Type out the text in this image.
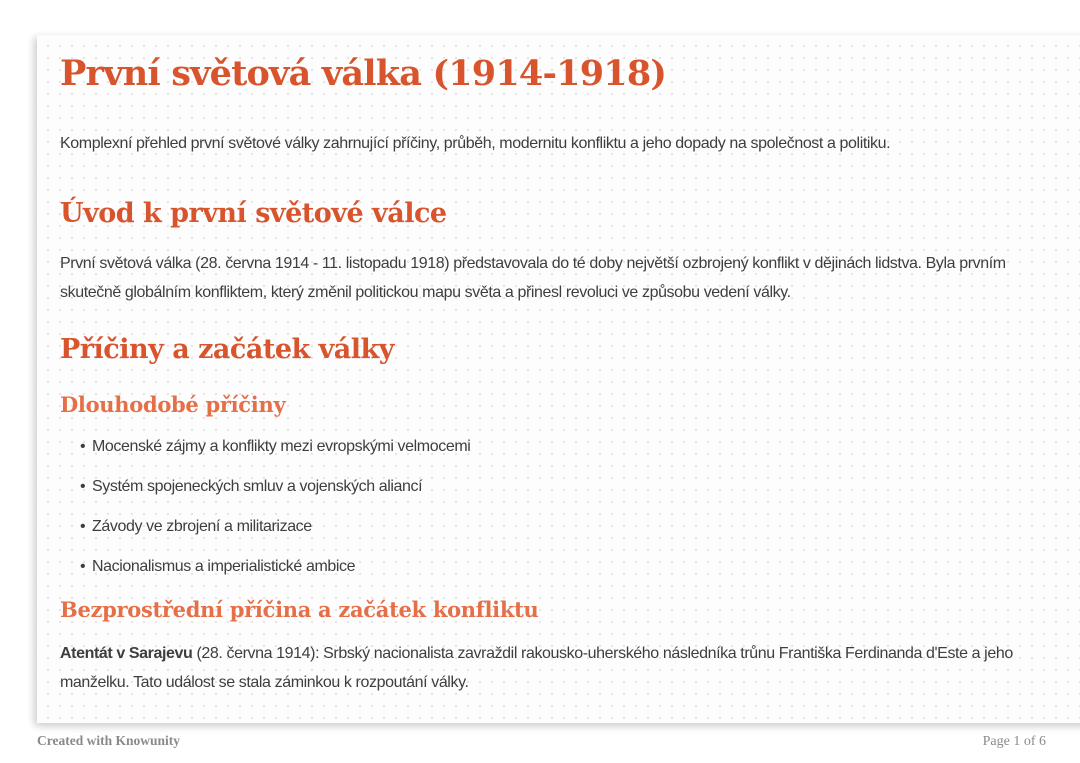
První světová válka (1914-1918)

Komplexní přehled první světové války zahrnující příčiny, průběh, modernitu konfliktu a jeho dopady na společnost a politiku.

Úvod k první světové válce

První světová válka (28. června 1914 - 11. listopadu 1918) představovala do té doby největší ozbrojený konflikt v dějinách lidstva. Byla prvním skutečně globálním konfliktem, který změnil politickou mapu světa a přinesl revoluci ve způsobu vedení války.

Příčiny a začátek války
Dlouhodobé příčiny
• Mocenské zájmy a konflikty mezi evropskými velmocemi
• Systém spojeneckých smluv a vojenských aliancí
• Závody ve zbrojení a militarizace
• Nacionalismus a imperialistické ambice
Bezprostřední příčina a začátek konfliktu

Atentát v Sarajevu (28. června 1914): Srbský nacionalista zavraždil rakousko-uherského následníka trůnu Františka Ferdinanda d'Este a jeho manželku. Tato událost se stala záminkou k rozpoutání války.

Created with Knowunity	Page 1 of 6
